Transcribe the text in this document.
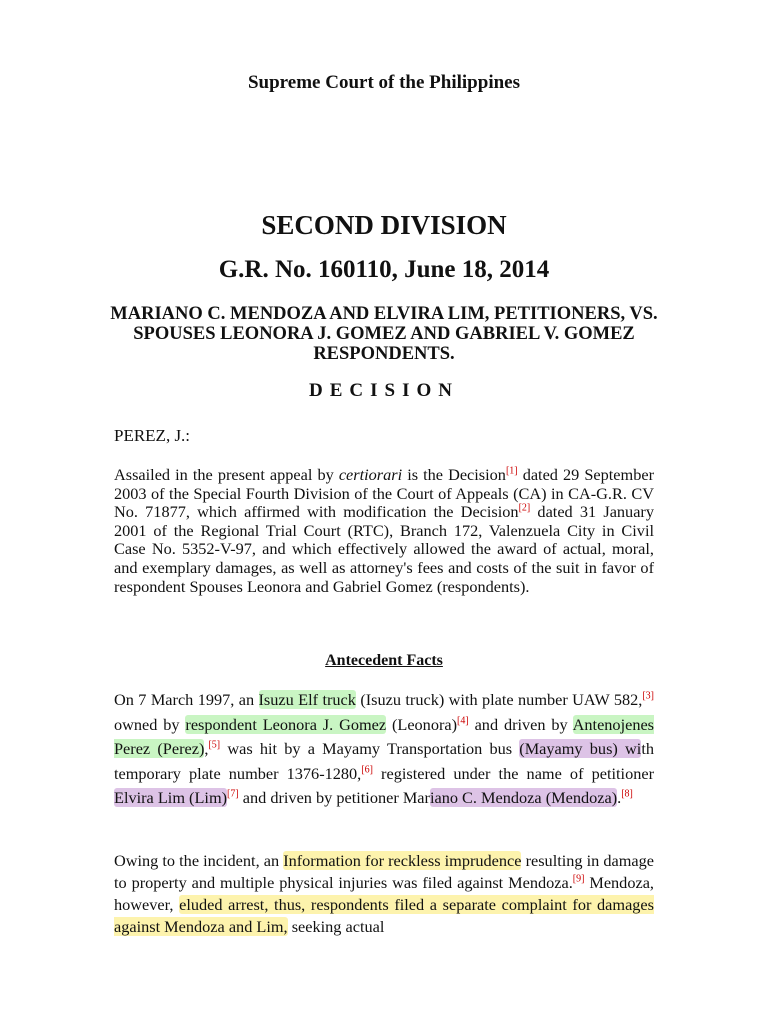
Supreme Court of the Philippines
SECOND DIVISION
G.R. No. 160110, June 18, 2014
MARIANO C. MENDOZA AND ELVIRA LIM, PETITIONERS, VS. SPOUSES LEONORA J. GOMEZ AND GABRIEL V. GOMEZ RESPONDENTS.
DECISION
PEREZ, J.:
Assailed in the present appeal by certiorari is the Decision[1] dated 29 September 2003 of the Special Fourth Division of the Court of Appeals (CA) in CA-G.R. CV No. 71877, which affirmed with modification the Decision[2] dated 31 January 2001 of the Regional Trial Court (RTC), Branch 172, Valenzuela City in Civil Case No. 5352-V-97, and which effectively allowed the award of actual, moral, and exemplary damages, as well as attorney's fees and costs of the suit in favor of respondent Spouses Leonora and Gabriel Gomez (respondents).
Antecedent Facts
On 7 March 1997, an Isuzu Elf truck (Isuzu truck) with plate number UAW 582,[3] owned by respondent Leonora J. Gomez (Leonora)[4] and driven by Antenojenes Perez (Perez),[5] was hit by a Mayamy Transportation bus (Mayamy bus) with temporary plate number 1376-1280,[6] registered under the name of petitioner Elvira Lim (Lim)[7] and driven by petitioner Mariano C. Mendoza (Mendoza).[8]
Owing to the incident, an Information for reckless imprudence resulting in damage to property and multiple physical injuries was filed against Mendoza.[9] Mendoza, however, eluded arrest, thus, respondents filed a separate complaint for damages against Mendoza and Lim, seeking actual
